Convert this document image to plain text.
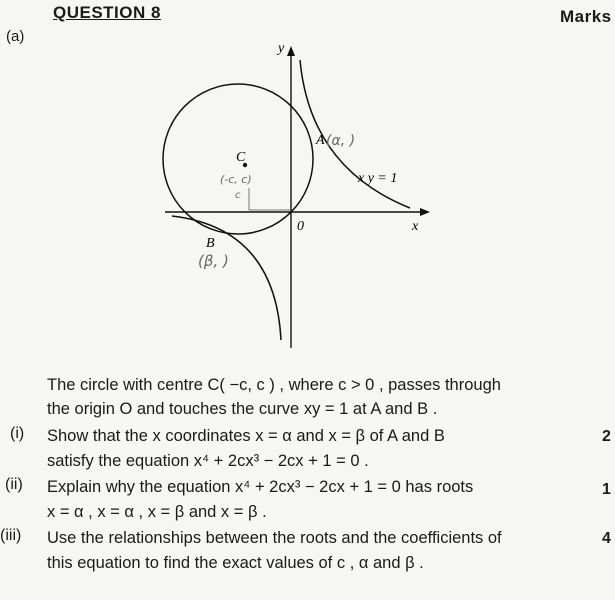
QUESTION 8	Marks
(a)
(-c, c)
c
(α, )
(β, )
y
x
0
C
A
B
x y = 1
The circle with centre C( −c, c ) , where c > 0 , passes through
the origin O and touches the curve xy = 1 at A and B .
(i) Show that the x coordinates x = α and x = β of A and B
satisfy the equation x⁴ + 2cx³ − 2cx + 1 = 0 .
2
(ii) Explain why the equation x⁴ + 2cx³ − 2cx + 1 = 0 has roots
x = α , x = α , x = β and x = β .
1
(iii) Use the relationships between the roots and the coefficients of
this equation to find the exact values of c , α and β .
4
